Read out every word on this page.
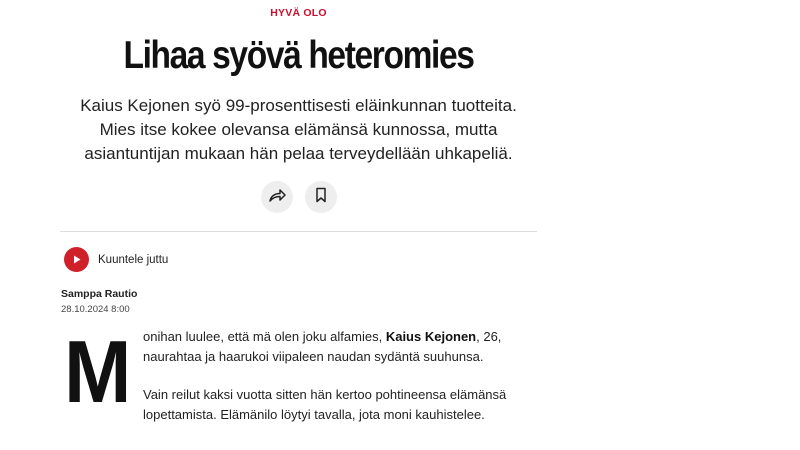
HYVÄ OLO
Lihaa syövä heteromies
Kaius Kejonen syö 99-prosenttisesti eläinkunnan tuotteita. Mies itse kokee olevansa elämänsä kunnossa, mutta asiantuntijan mukaan hän pelaa terveydellään uhkapeliä.
Kuuntele juttu
Samppa Rautio
28.10.2024 8:00
M onihan luulee, että mä olen joku alfamies, Kaius Kejonen, 26, naurahtaa ja haarukoi viipaleen naudan sydäntä suuhunsa.

Vain reilut kaksi vuotta sitten hän kertoo pohtineensa elämänsä lopettamista. Elämänilo löytyi tavalla, jota moni kauhistelee.
